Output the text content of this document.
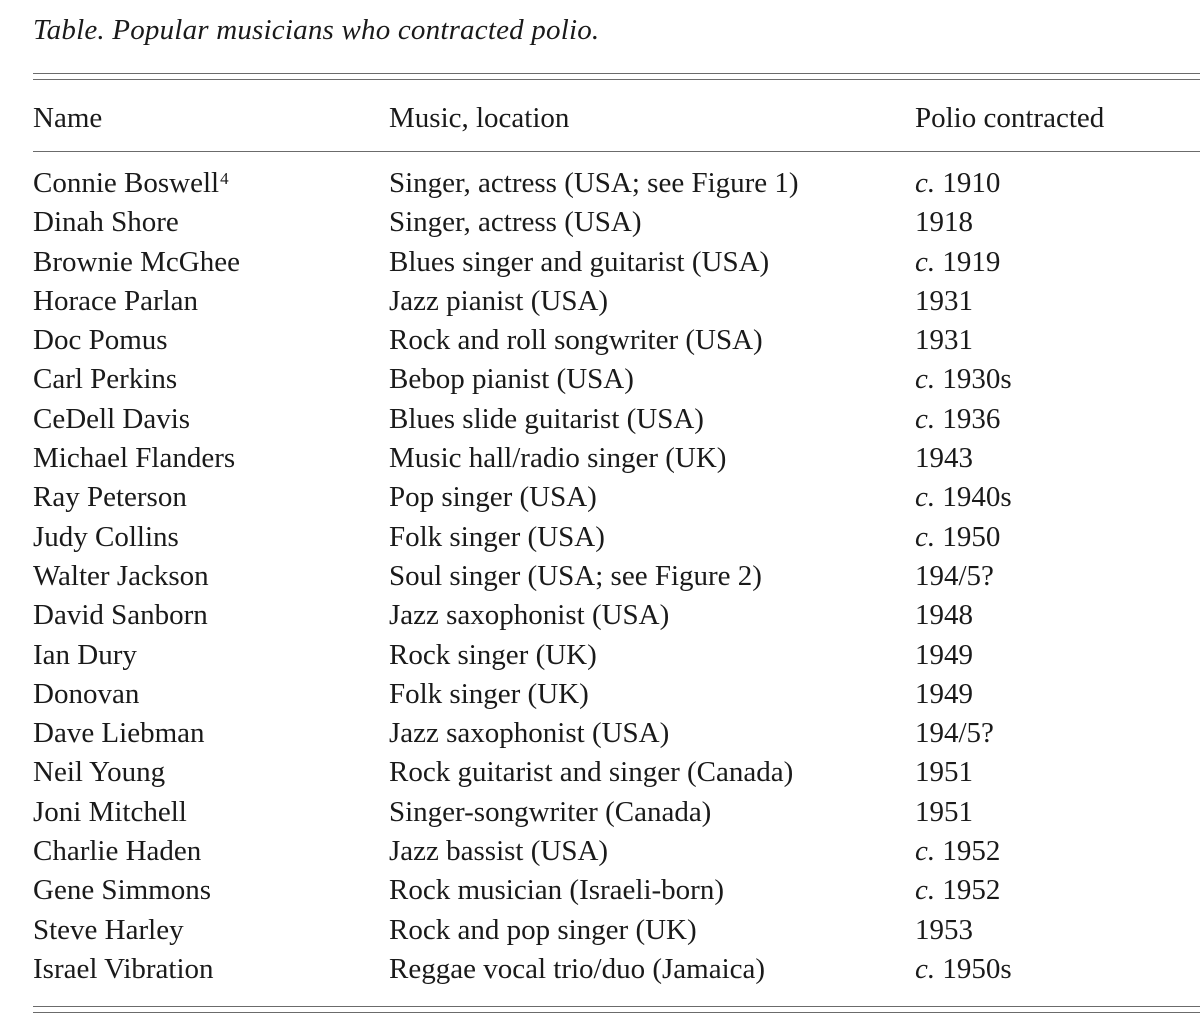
Table. Popular musicians who contracted polio.
Name	Music, location	Polio contracted
Connie Boswell$^4$	Singer, actress (USA; see Figure 1)	c. 1910
Dinah Shore	Singer, actress (USA)	1918
Brownie McGhee	Blues singer and guitarist (USA)	c. 1919
Horace Parlan	Jazz pianist (USA)	1931
Doc Pomus	Rock and roll songwriter (USA)	1931
Carl Perkins	Bebop pianist (USA)	c. 1930s
CeDell Davis	Blues slide guitarist (USA)	c. 1936
Michael Flanders	Music hall/radio singer (UK)	1943
Ray Peterson	Pop singer (USA)	c. 1940s
Judy Collins	Folk singer (USA)	c. 1950
Walter Jackson	Soul singer (USA; see Figure 2)	194/5?
David Sanborn	Jazz saxophonist (USA)	1948
Ian Dury	Rock singer (UK)	1949
Donovan	Folk singer (UK)	1949
Dave Liebman	Jazz saxophonist (USA)	194/5?
Neil Young	Rock guitarist and singer (Canada)	1951
Joni Mitchell	Singer-songwriter (Canada)	1951
Charlie Haden	Jazz bassist (USA)	c. 1952
Gene Simmons	Rock musician (Israeli-born)	c. 1952
Steve Harley	Rock and pop singer (UK)	1953
Israel Vibration	Reggae vocal trio/duo (Jamaica)	c. 1950s
